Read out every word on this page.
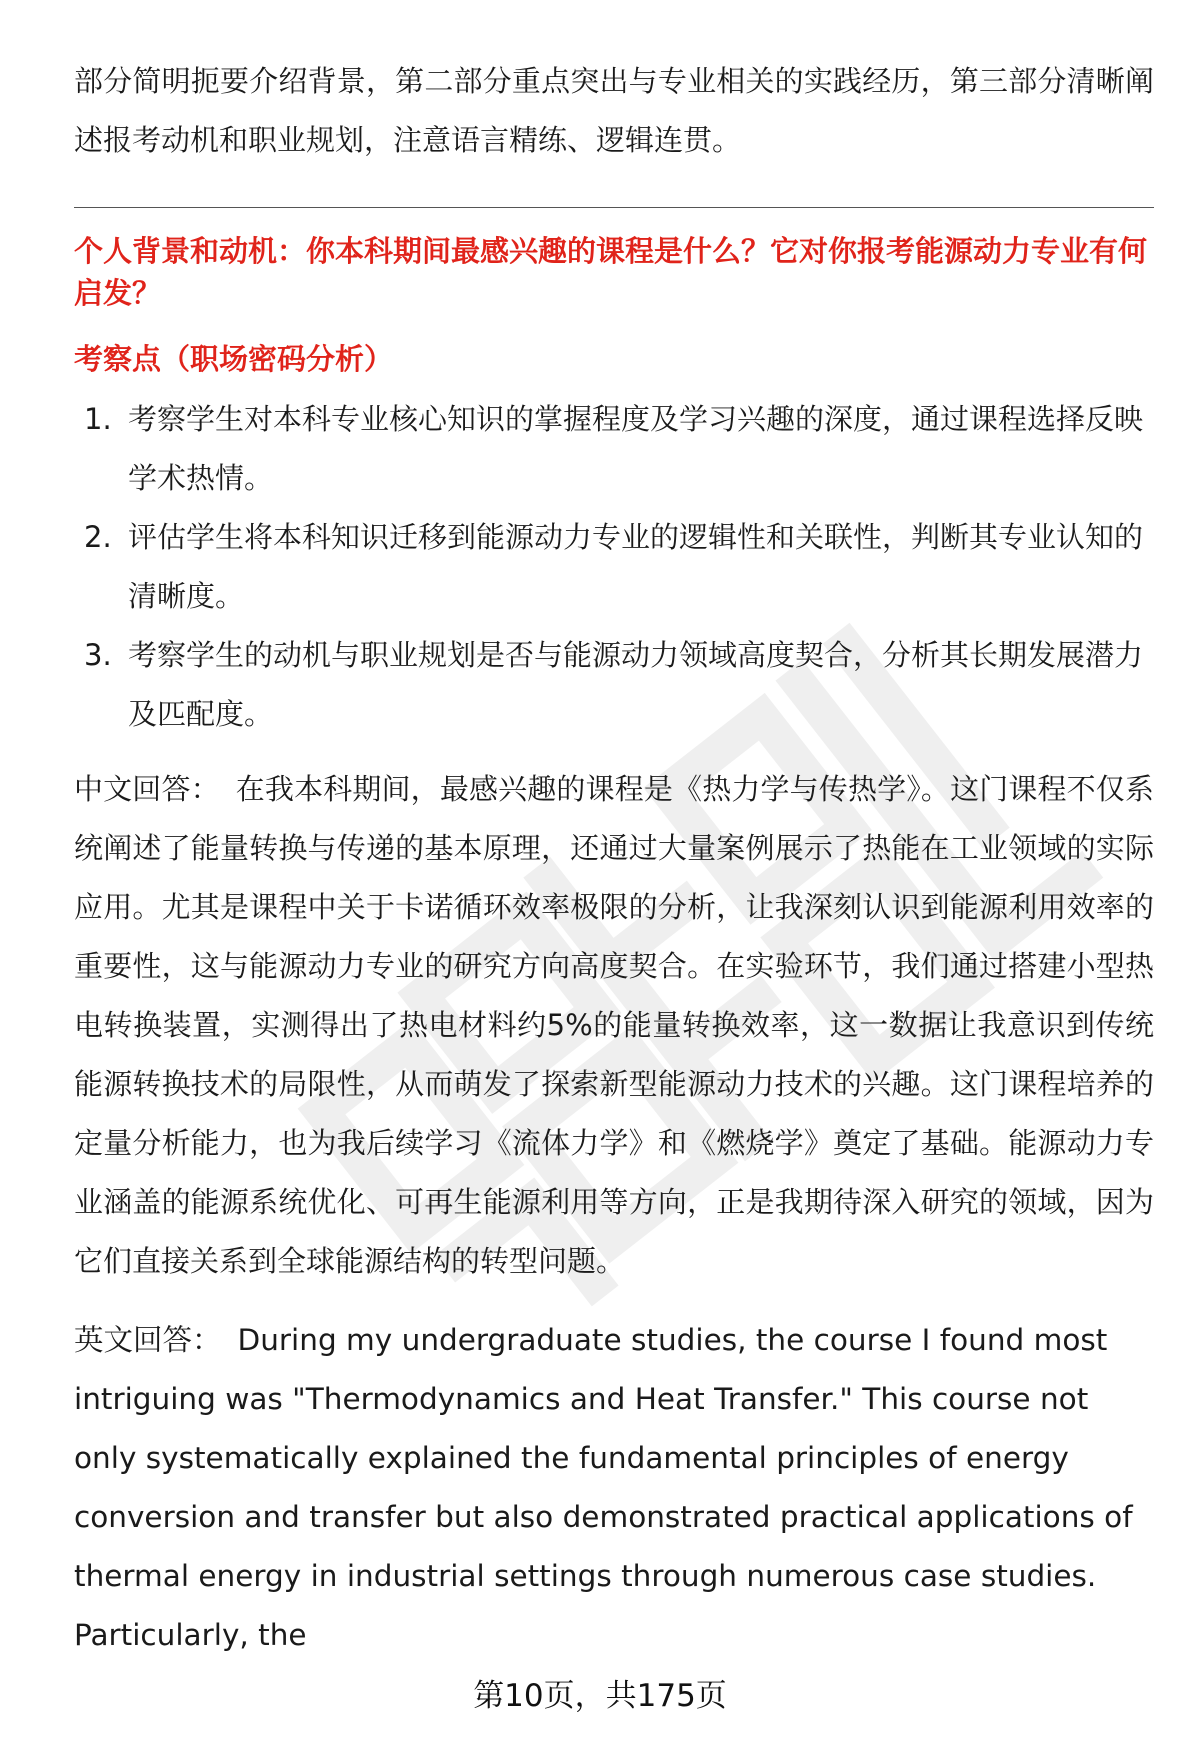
部分简明扼要介绍背景，第二部分重点突出与专业相关的实践经历，第三部分清晰阐述报考动机和职业规划，注意语言精练、逻辑连贯。

个人背景和动机：你本科期间最感兴趣的课程是什么？它对你报考能源动力专业有何启发？

考察点（职场密码分析）

1. 考察学生对本科专业核心知识的掌握程度及学习兴趣的深度，通过课程选择反映学术热情。
2. 评估学生将本科知识迁移到能源动力专业的逻辑性和关联性，判断其专业认知的清晰度。
3. 考察学生的动机与职业规划是否与能源动力领域高度契合，分析其长期发展潜力及匹配度。

中文回答： 在我本科期间，最感兴趣的课程是《热力学与传热学》。这门课程不仅系统阐述了能量转换与传递的基本原理，还通过大量案例展示了热能在工业领域的实际应用。尤其是课程中关于卡诺循环效率极限的分析，让我深刻认识到能源利用效率的重要性，这与能源动力专业的研究方向高度契合。在实验环节，我们通过搭建小型热电转换装置，实测得出了热电材料约5%的能量转换效率，这一数据让我意识到传统能源转换技术的局限性，从而萌发了探索新型能源动力技术的兴趣。这门课程培养的定量分析能力，也为我后续学习《流体力学》和《燃烧学》奠定了基础。能源动力专业涵盖的能源系统优化、可再生能源利用等方向，正是我期待深入研究的领域，因为它们直接关系到全球能源结构的转型问题。

英文回答： During my undergraduate studies, the course I found most intriguing was "Thermodynamics and Heat Transfer." This course not only systematically explained the fundamental principles of energy conversion and transfer but also demonstrated practical applications of thermal energy in industrial settings through numerous case studies. Particularly, the

第10页，共175页
